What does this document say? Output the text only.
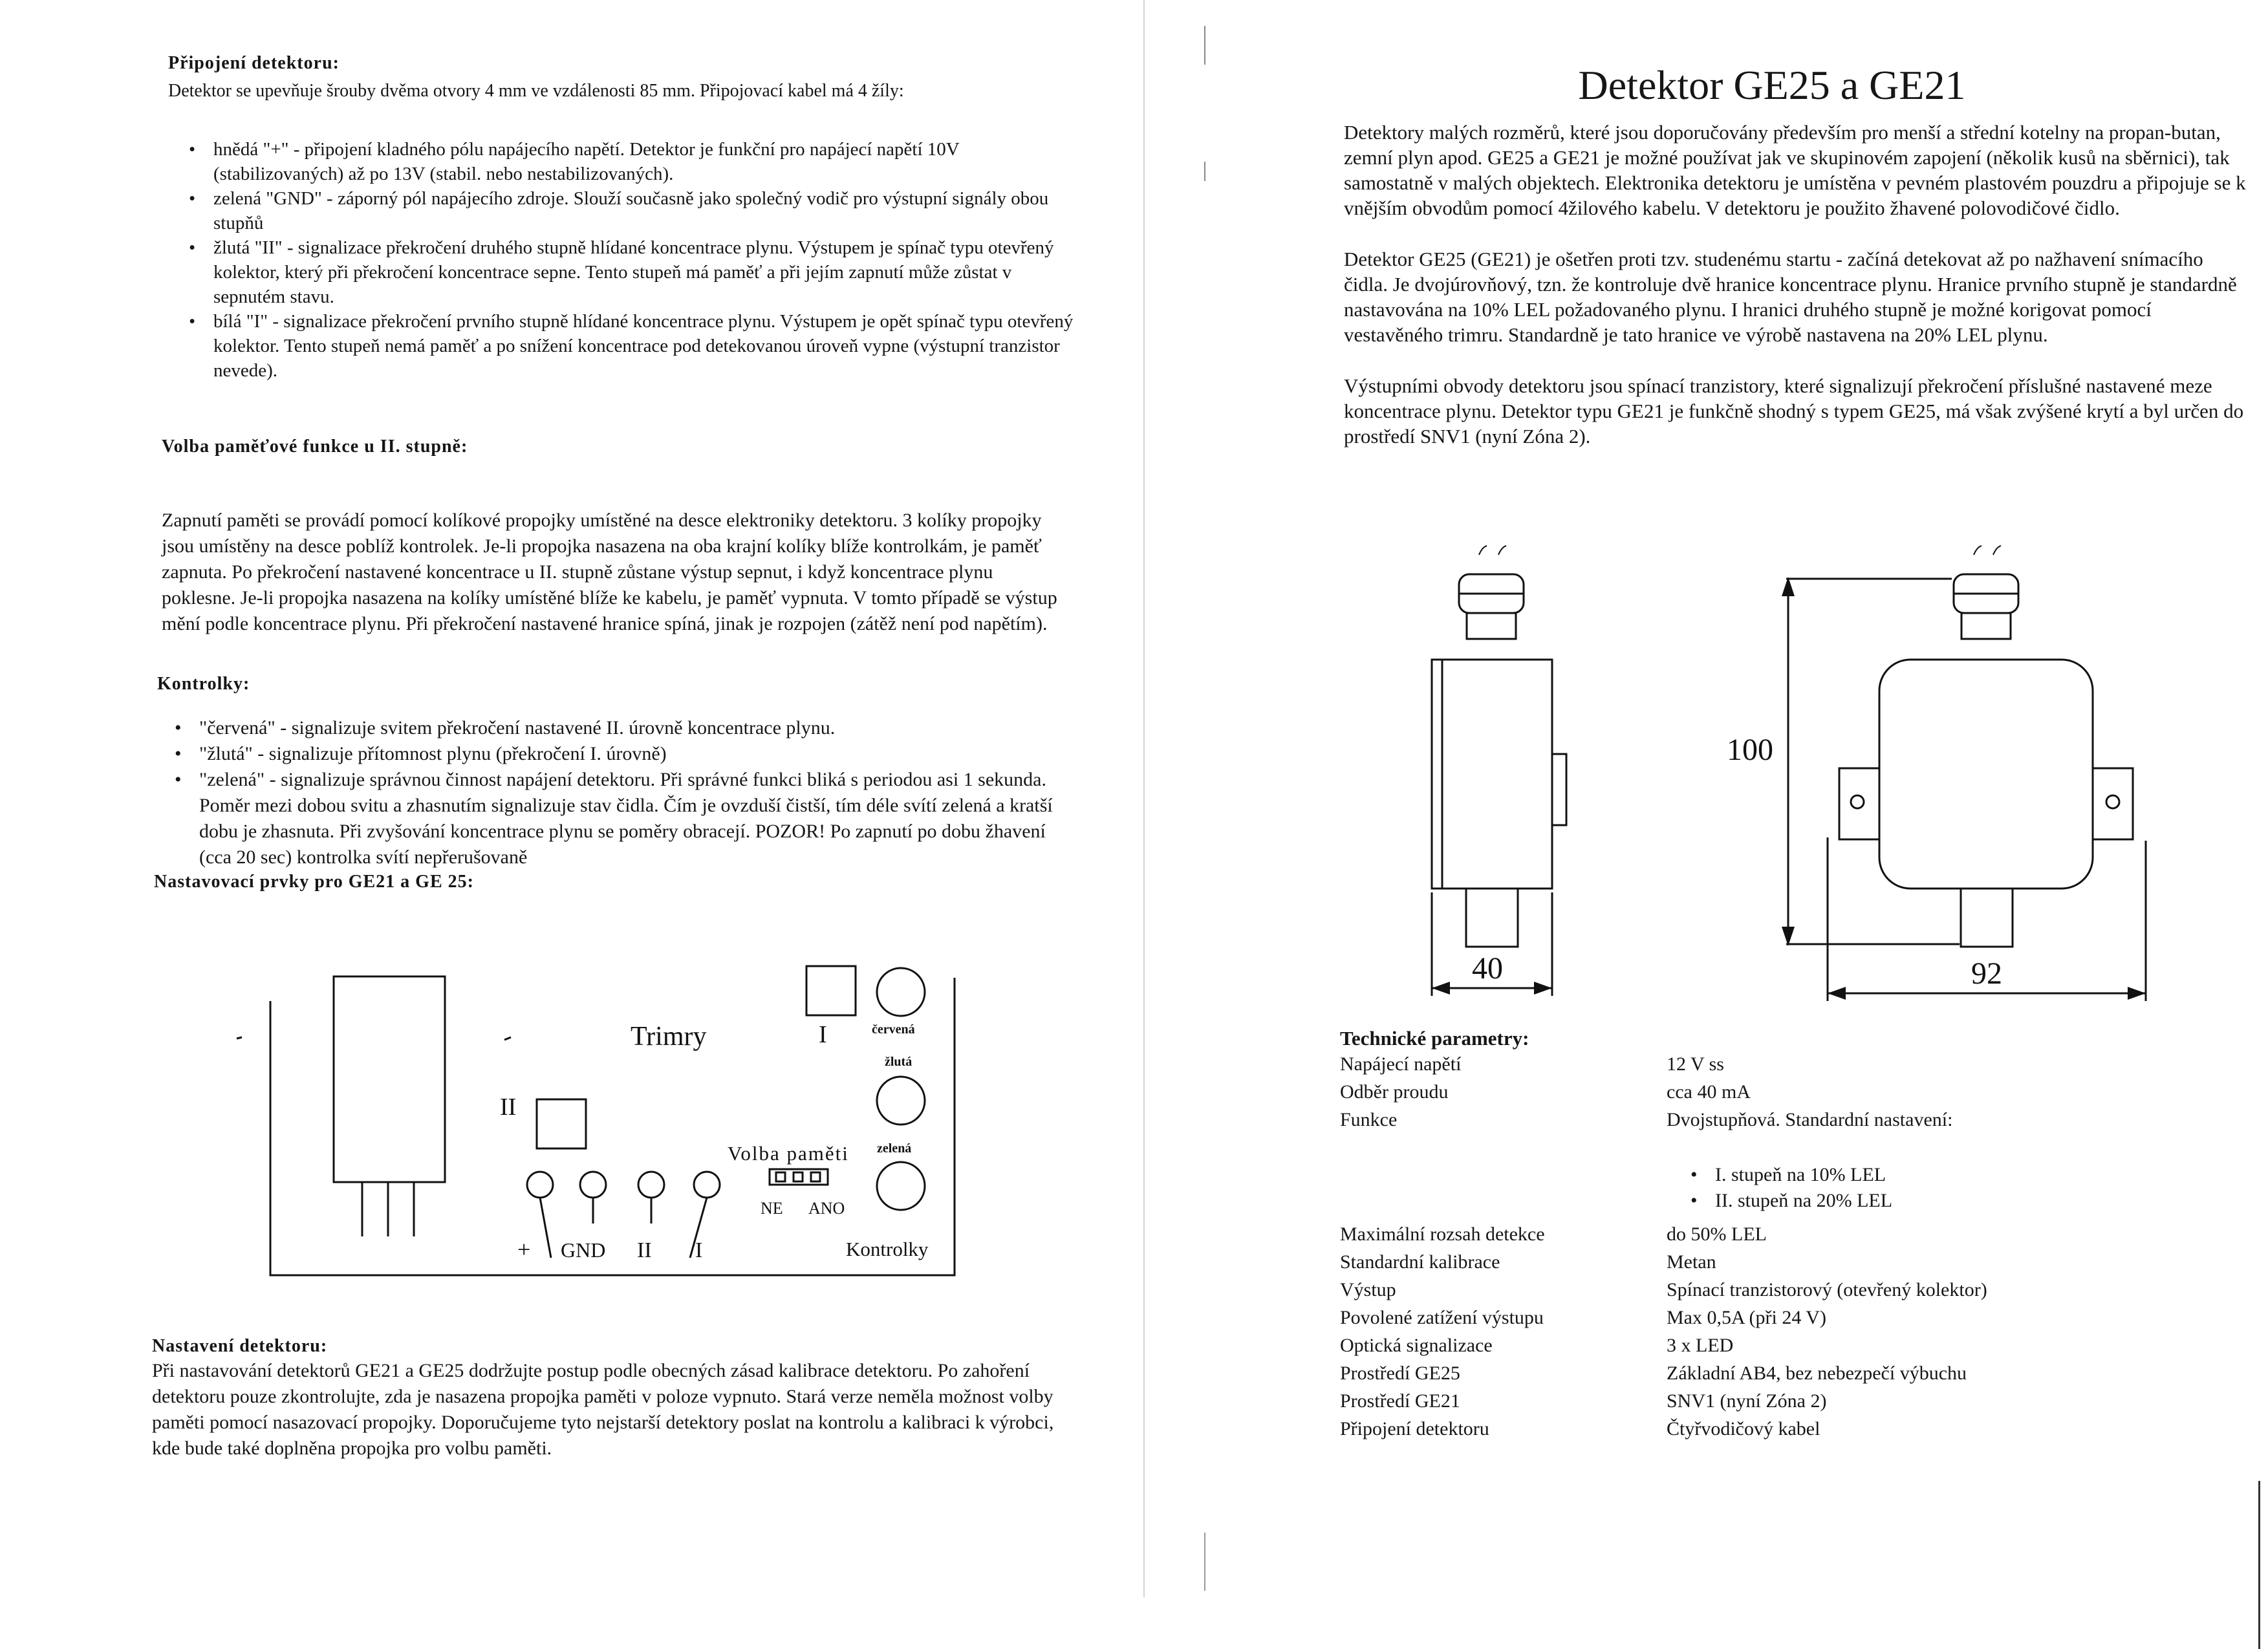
Připojení detektoru:

Detektor se upevňuje šrouby dvěma otvory 4 mm ve vzdálenosti 85 mm. Připojovací kabel má 4 žíly:

• hnědá "+" - připojení kladného pólu napájecího napětí. Detektor je funkční pro napájecí napětí 10V (stabilizovaných) až po 13V (stabil. nebo nestabilizovaných).
• zelená "GND" - záporný pól napájecího zdroje. Slouží současně jako společný vodič pro výstupní signály obou stupňů
• žlutá "II" - signalizace překročení druhého stupně hlídané koncentrace plynu. Výstupem je spínač typu otevřený kolektor, který při překročení koncentrace sepne. Tento stupeň má paměť a při jejím zapnutí může zůstat v sepnutém stavu.
• bílá "I" - signalizace překročení prvního stupně hlídané koncentrace plynu. Výstupem je opět spínač typu otevřený kolektor. Tento stupeň nemá paměť a po snížení koncentrace pod detekovanou úroveň vypne (výstupní tranzistor nevede).
Volba paměťové funkce u II. stupně:

Zapnutí paměti se provádí pomocí kolíkové propojky umístěné na desce elektroniky detektoru. 3 kolíky propojky jsou umístěny na desce poblíž kontrolek. Je-li propojka nasazena na oba krajní kolíky blíže kontrolkám, je paměť zapnuta. Po překročení nastavené koncentrace u II. stupně zůstane výstup sepnut, i když koncentrace plynu poklesne. Je-li propojka nasazena na kolíky umístěné blíže ke kabelu, je paměť vypnuta. V tomto případě se výstup mění podle koncentrace plynu. Při překročení nastavené hranice spíná, jinak je rozpojen (zátěž není pod napětím).

Kontrolky:
• "červená" - signalizuje svitem překročení nastavené II. úrovně koncentrace plynu.
• "žlutá" - signalizuje přítomnost plynu (překročení I. úrovně)
• "zelená" - signalizuje správnou činnost napájení detektoru. Při správné funkci bliká s periodou asi 1 sekunda. Poměr mezi dobou svitu a zhasnutím signalizuje stav čidla. Čím je ovzduší čistší, tím déle svítí zelená a kratší dobu je zhasnuta. Při zvyšování koncentrace plynu se poměry obracejí. POZOR! Po zapnutí po dobu žhavení (cca 20 sec) kontrolka svítí nepřerušovaně
Nastavovací prvky pro GE21 a GE 25:
Trimry	I
II
červená
žlutá
zelená
Volba paměti
NE ANO
+ GND II I	Kontrolky
Nastavení detektoru:

Při nastavování detektorů GE21 a GE25 dodržujte postup podle obecných zásad kalibrace detektoru. Po zahoření detektoru pouze zkontrolujte, zda je nasazena propojka paměti v poloze vypnuto. Stará verze neměla možnost volby paměti pomocí nasazovací propojky. Doporučujeme tyto nejstarší detektory poslat na kontrolu a kalibraci k výrobci, kde bude také doplněna propojka pro volbu paměti.

Detektor GE25 a GE21

Detektory malých rozměrů, které jsou doporučovány především pro menší a střední kotelny na propan-butan, zemní plyn apod. GE25 a GE21 je možné používat jak ve skupinovém zapojení (několik kusů na sběrnici), tak samostatně v malých objektech. Elektronika detektoru je umístěna v pevném plastovém pouzdru a připojuje se k vnějším obvodům pomocí 4žilového kabelu. V detektoru je použito žhavené polovodičové čidlo.

Detektor GE25 (GE21) je ošetřen proti tzv. studenému startu - začíná detekovat až po nažhavení snímacího čidla. Je dvojúrovňový, tzn. že kontroluje dvě hranice koncentrace plynu. Hranice prvního stupně je standardně nastavována na 10% LEL požadovaného plynu. I hranici druhého stupně je možné korigovat pomocí vestavěného trimru. Standardně je tato hranice ve výrobě nastavena na 20% LEL plynu.

Výstupními obvody detektoru jsou spínací tranzistory, které signalizují překročení příslušné nastavené meze koncentrace plynu. Detektor typu GE21 je funkčně shodný s typem GE25, má však zvýšené krytí a byl určen do prostředí SNV1 (nyní Zóna 2).

100
40	92
Technické parametry:
Napájecí napětí	12 V ss
Odběr proudu	cca 40 mA
Funkce	Dvojstupňová. Standardní nastavení:
• I. stupeň na 10% LEL
• II. stupeň na 20% LEL
Maximální rozsah detekce	do 50% LEL
Standardní kalibrace	Metan
Výstup	Spínací tranzistorový (otevřený kolektor)
Povolené zatížení výstupu	Max 0,5A (při 24 V)
Optická signalizace	3 x LED
Prostředí GE25	Základní AB4, bez nebezpečí výbuchu
Prostředí GE21	SNV1 (nyní Zóna 2)
Připojení detektoru	Čtyřvodičový kabel
